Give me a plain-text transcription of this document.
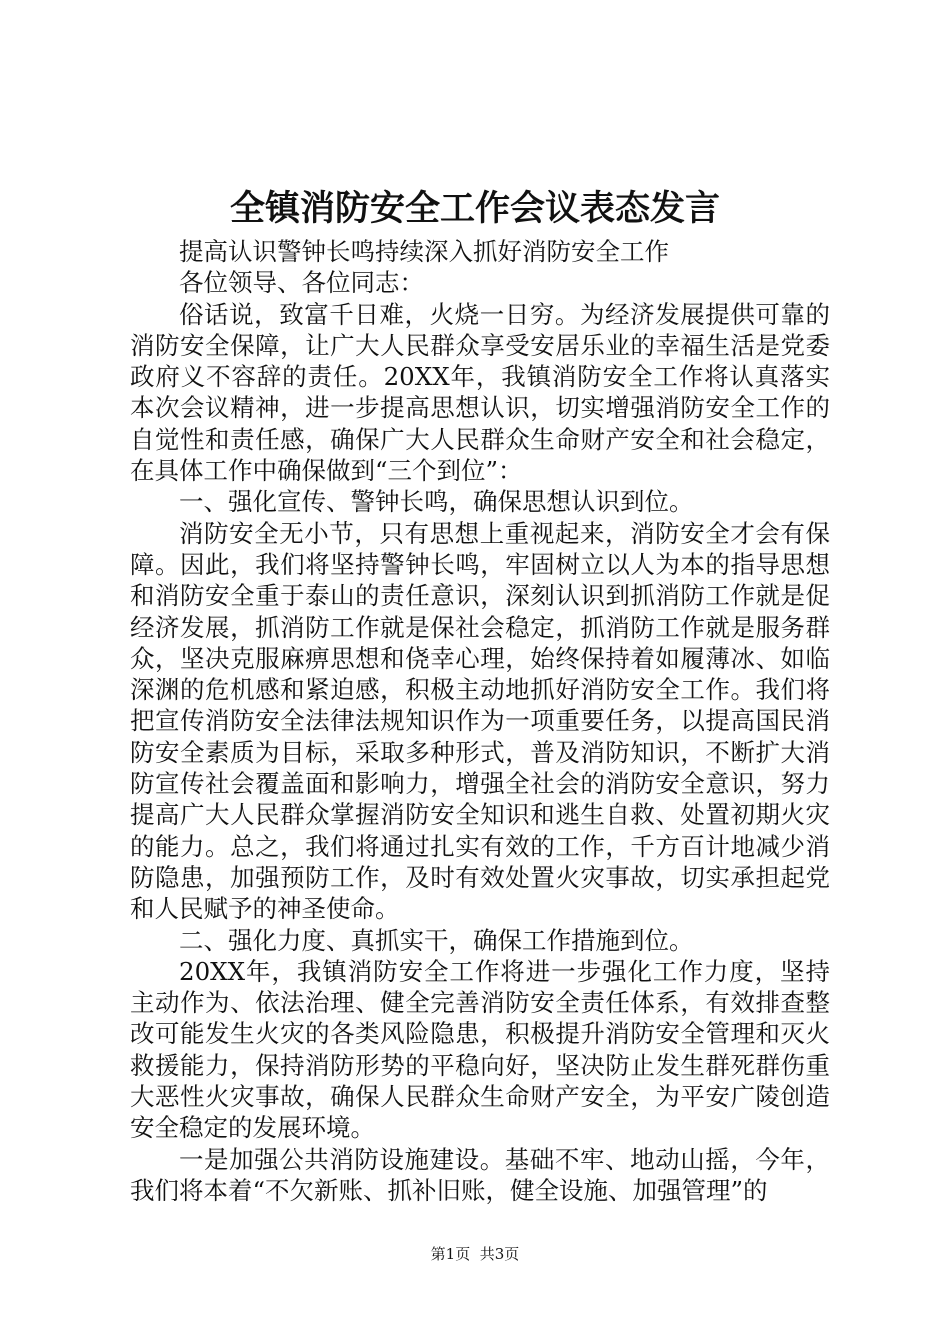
全镇消防安全工作会议表态发言

提高认识警钟长鸣持续深入抓好消防安全工作

各位领导、各位同志：

俗话说，致富千日难，火烧一日穷。为经济发展提供可靠的消防安全保障，让广大人民群众享受安居乐业的幸福生活是党委政府义不容辞的责任。20XX年，我镇消防安全工作将认真落实本次会议精神，进一步提高思想认识，切实增强消防安全工作的自觉性和责任感，确保广大人民群众生命财产安全和社会稳定，在具体工作中确保做到“三个到位”：

一、强化宣传、警钟长鸣，确保思想认识到位。

消防安全无小节，只有思想上重视起来，消防安全才会有保障。因此，我们将坚持警钟长鸣，牢固树立以人为本的指导思想和消防安全重于泰山的责任意识，深刻认识到抓消防工作就是促经济发展，抓消防工作就是保社会稳定，抓消防工作就是服务群众，坚决克服麻痹思想和侥幸心理，始终保持着如履薄冰、如临深渊的危机感和紧迫感，积极主动地抓好消防安全工作。我们将把宣传消防安全法律法规知识作为一项重要任务，以提高国民消防安全素质为目标，采取多种形式，普及消防知识，不断扩大消防宣传社会覆盖面和影响力，增强全社会的消防安全意识，努力提高广大人民群众掌握消防安全知识和逃生自救、处置初期火灾的能力。总之，我们将通过扎实有效的工作，千方百计地减少消防隐患，加强预防工作，及时有效处置火灾事故，切实承担起党和人民赋予的神圣使命。

二、强化力度、真抓实干，确保工作措施到位。

20XX年，我镇消防安全工作将进一步强化工作力度，坚持主动作为、依法治理、健全完善消防安全责任体系，有效排查整改可能发生火灾的各类风险隐患，积极提升消防安全管理和灭火救援能力，保持消防形势的平稳向好，坚决防止发生群死群伤重大恶性火灾事故，确保人民群众生命财产安全，为平安广陵创造安全稳定的发展环境。

一是加强公共消防设施建设。基础不牢、地动山摇，今年，我们将本着“不欠新账、抓补旧账，健全设施、加强管理”的

第1页 共3页
